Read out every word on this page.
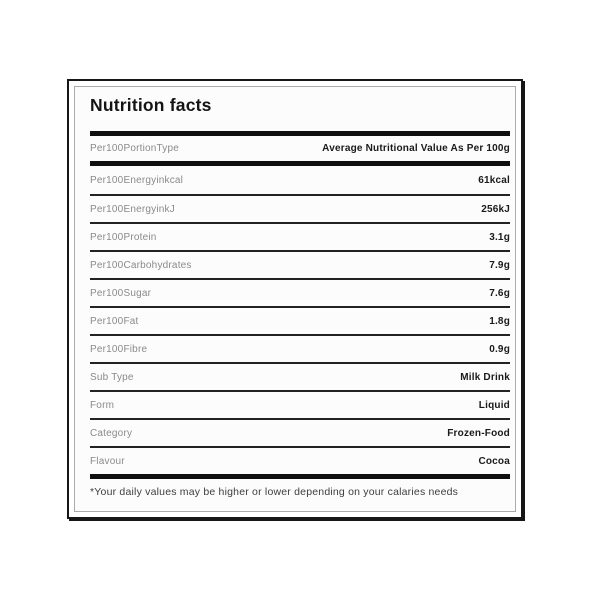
Nutrition facts
Per100PortionType	Average Nutritional Value As Per 100g
Per100Energyinkcal	61kcal
Per100EnergyinkJ	256kJ
Per100Protein	3.1g
Per100Carbohydrates	7.9g
Per100Sugar	7.6g
Per100Fat	1.8g
Per100Fibre	0.9g
Sub Type	Milk Drink
Form	Liquid
Category	Frozen-Food
Flavour	Cocoa
*Your daily values may be higher or lower depending on your calaries needs
